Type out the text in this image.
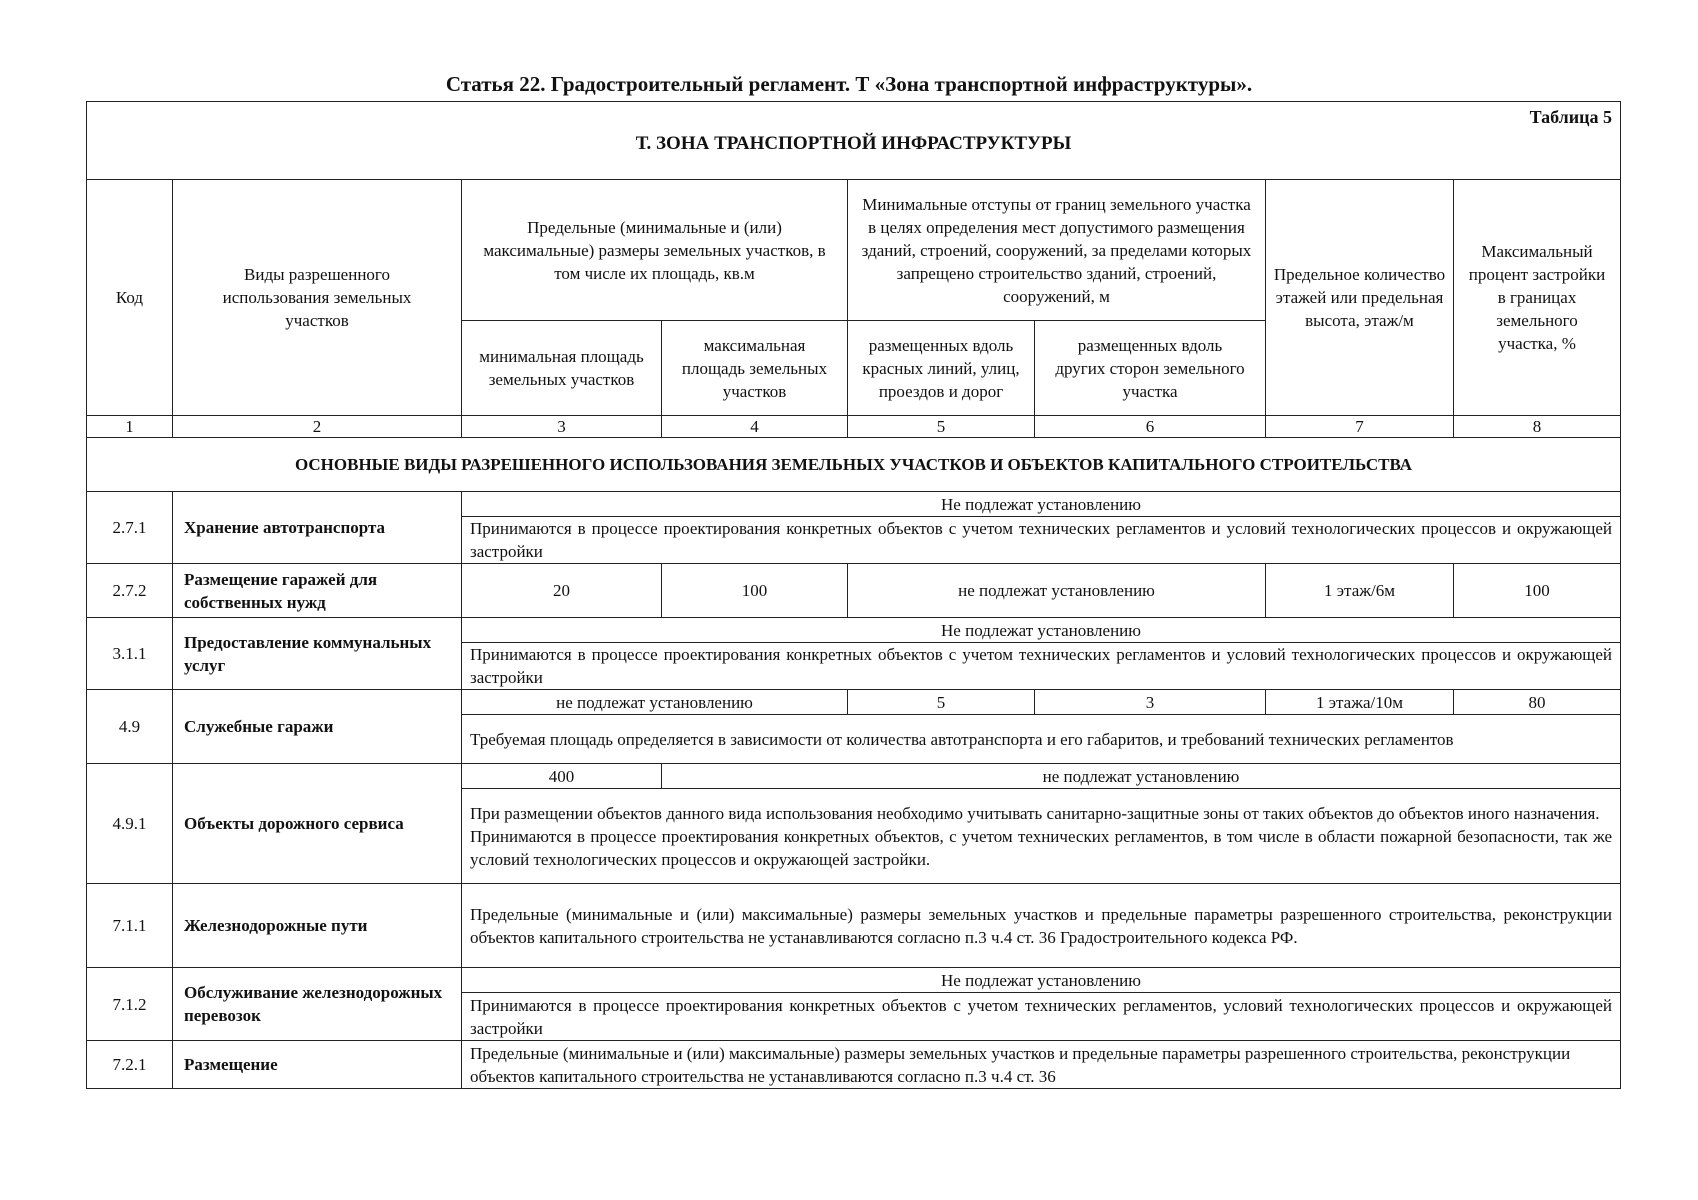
Статья 22. Градостроительный регламент. Т «Зона транспортной инфраструктуры».
Таблица 5
Т. ЗОНА ТРАНСПОРТНОЙ ИНФРАСТРУКТУРЫ							

Код	Виды разрешенного использования земельных участков	Предельные (минимальные и (или) максимальные) размеры земельных участков, в том числе их площадь, кв.м		Минимальные отступы от границ земельного участка в целях определения мест допустимого размещения зданий, строений, сооружений, за пределами которых запрещено строительство зданий, строений, сооружений, м		Предельное количество этажей или предельная высота, этаж/м	Максимальный процент застройки в границах земельного участка, %
		минимальная площадь земельных участков	максимальная площадь земельных участков	размещенных вдоль красных линий, улиц, проездов и дорог	размещенных вдоль других сторон земельного участка		
1	2	3	4	5	6	7	8
ОСНОВНЫЕ ВИДЫ РАЗРЕШЕННОГО ИСПОЛЬЗОВАНИЯ ЗЕМЕЛЬНЫХ УЧАСТКОВ И ОБЪЕКТОВ КАПИТАЛЬНОГО СТРОИТЕЛЬСТВА							
2.7.1	Хранение автотранспорта	Не подлежат установлению					
		Принимаются в процессе проектирования конкретных объектов с учетом технических регламентов и условий технологических процессов и окружающей застройки					
2.7.2	Размещение гаражей для собственных нужд	20	100	не подлежат установлению		1 этаж/6м	100
3.1.1	Предоставление коммунальных услуг	Не подлежат установлению					
		Принимаются в процессе проектирования конкретных объектов с учетом технических регламентов и условий технологических процессов и окружающей застройки					
4.9	Служебные гаражи	не подлежат установлению		5	3	1 этажа/10м	80
		Требуемая площадь определяется в зависимости от количества автотранспорта и его габаритов, и требований технических регламентов					
4.9.1	Объекты дорожного сервиса	400	не подлежат установлению				

		При размещении объектов данного вида использования необходимо учитывать санитарно-защитные зоны от таких объектов до объектов иного назначения.

Принимаются в процессе проектирования конкретных объектов, с учетом технических регламентов, в том числе в области пожарной безопасности, так же условий технологических процессов и окружающей застройки.					

7.1.1	Железнодорожные пути	Предельные (минимальные и (или) максимальные) размеры земельных участков и предельные параметры разрешенного строительства, реконструкции объектов капитального строительства не устанавливаются согласно п.3 ч.4 ст. 36 Градостроительного кодекса РФ.					
7.1.2	Обслуживание железнодорожных перевозок	Не подлежат установлению					
		Принимаются в процессе проектирования конкретных объектов с учетом технических регламентов, условий технологических процессов и окружающей застройки					
7.2.1	Размещение	Предельные (минимальные и (или) максимальные) размеры земельных участков и предельные параметры разрешенного строительства, реконструкции объектов капитального строительства не устанавливаются согласно п.3 ч.4 ст. 36					
